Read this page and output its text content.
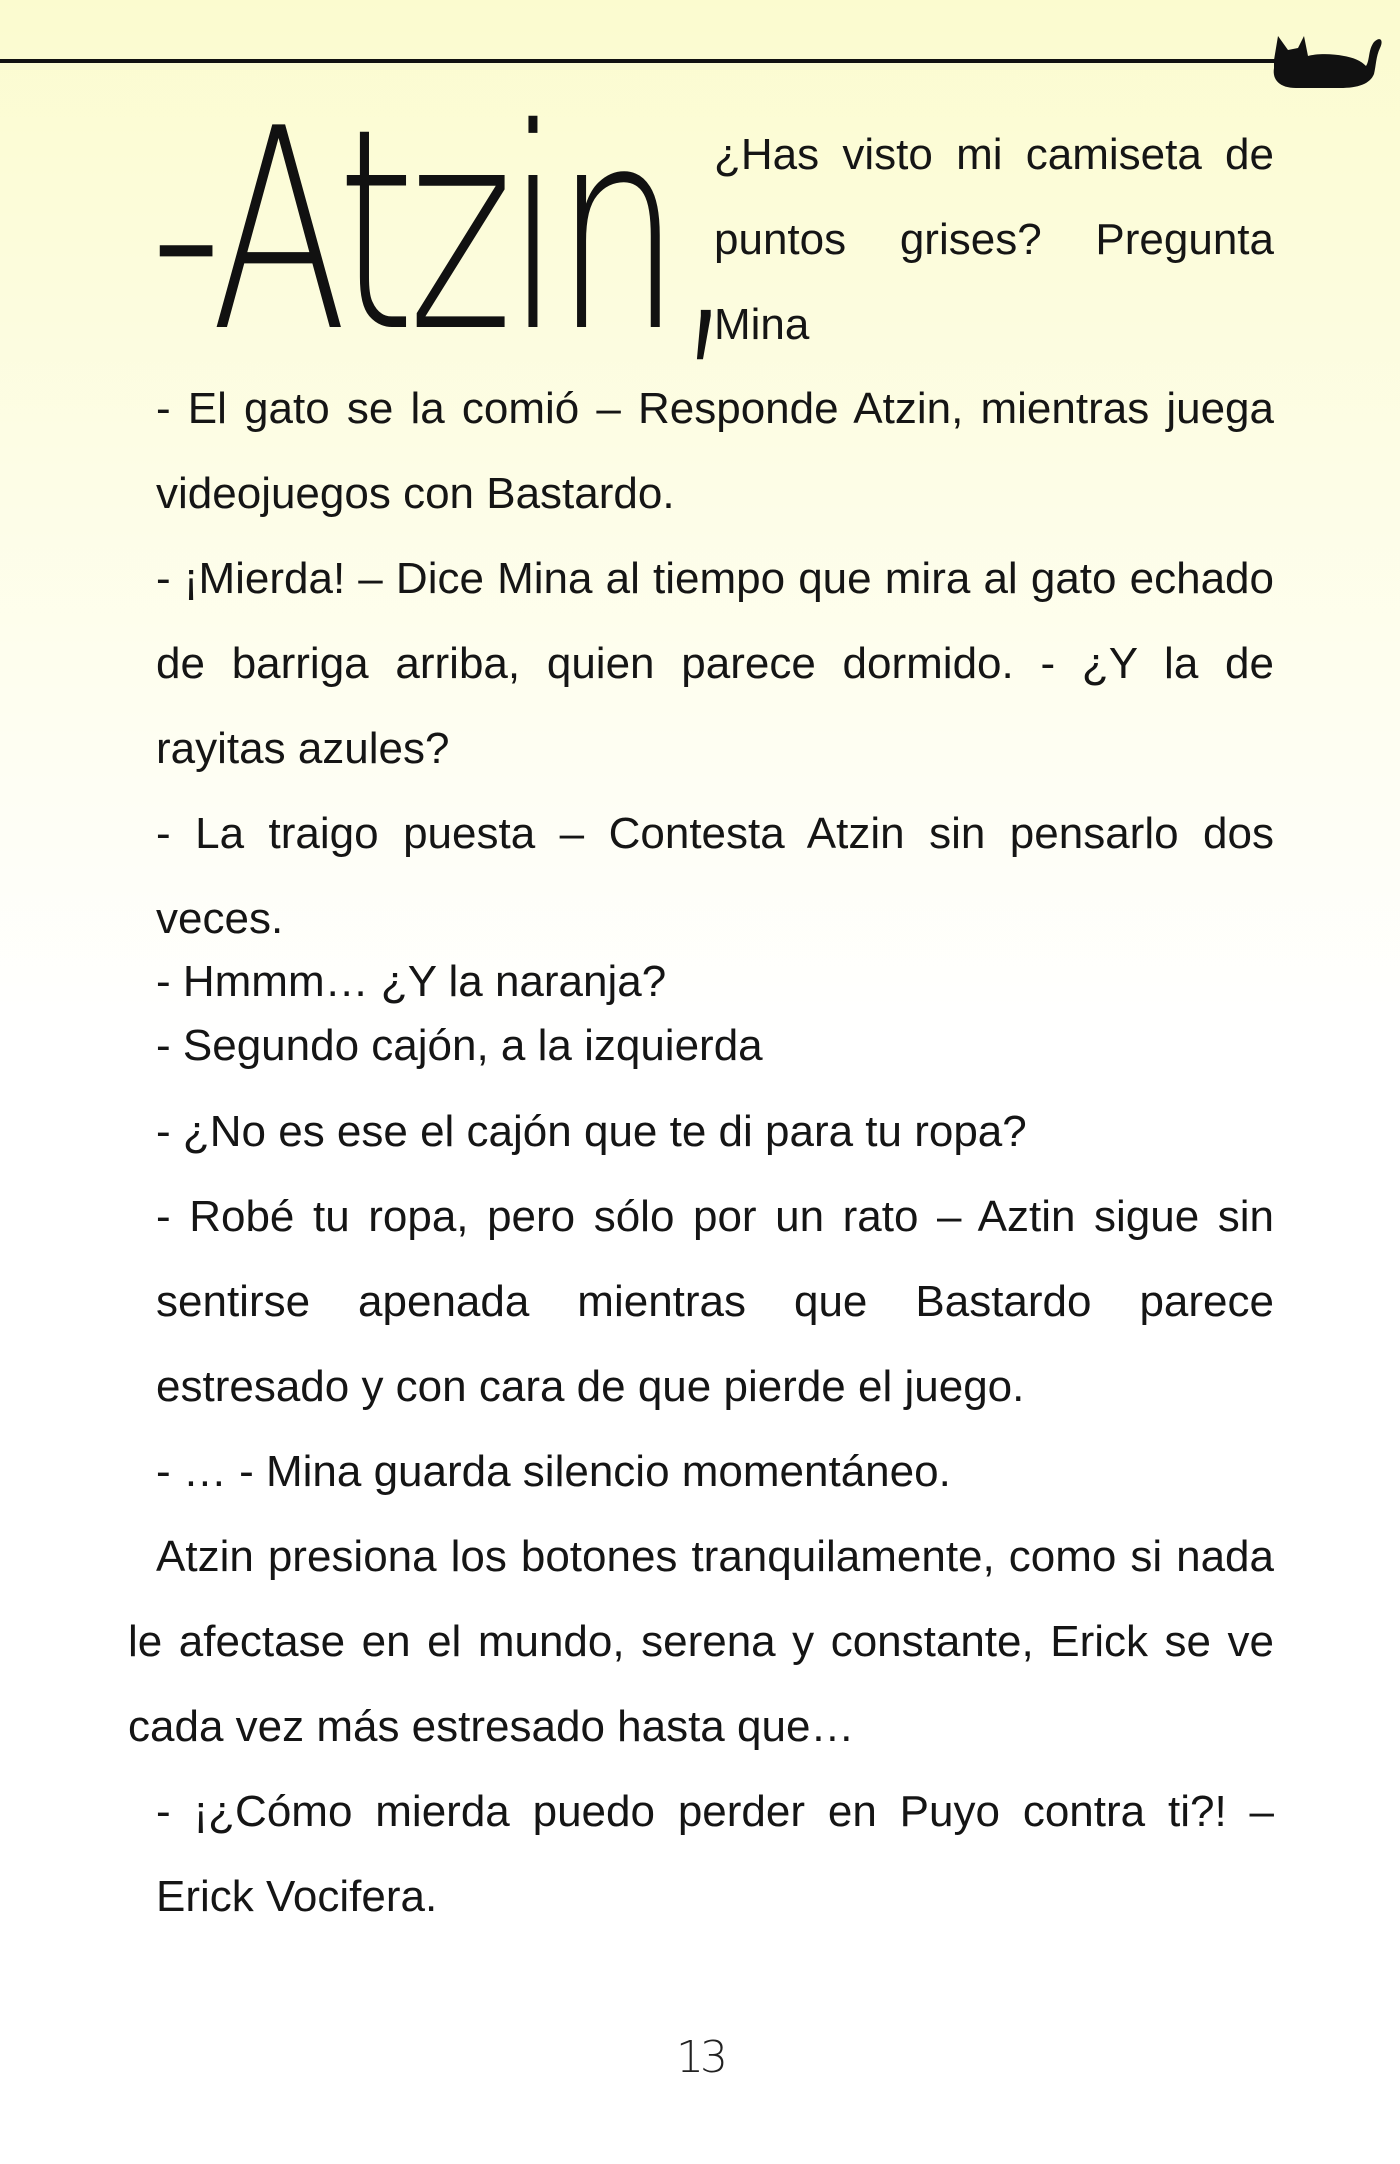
-Atzin,

¿Has visto mi camiseta de puntos grises? Pregunta Mina

- El gato se la comió – Responde Atzin, mientras juega videojuegos con Bastardo.

- ¡Mierda! – Dice Mina al tiempo que mira al gato echado de barriga arriba, quien parece dormido. - ¿Y la de rayitas azules?

- La traigo puesta – Contesta Atzin sin pensarlo dos veces.

- Hmmm… ¿Y la naranja?

- Segundo cajón, a la izquierda

- ¿No es ese el cajón que te di para tu ropa?

- Robé tu ropa, pero sólo por un rato – Aztin sigue sin sentirse apenada mientras que Bastardo parece estresado y con cara de que pierde el juego.

- … - Mina guarda silencio momentáneo.

Atzin presiona los botones tranquilamente, como si nada le afectase en el mundo, serena y constante, Erick se ve cada vez más estresado hasta que…

- ¡¿Cómo mierda puedo perder en Puyo contra ti?! – Erick Vocifera.

13
